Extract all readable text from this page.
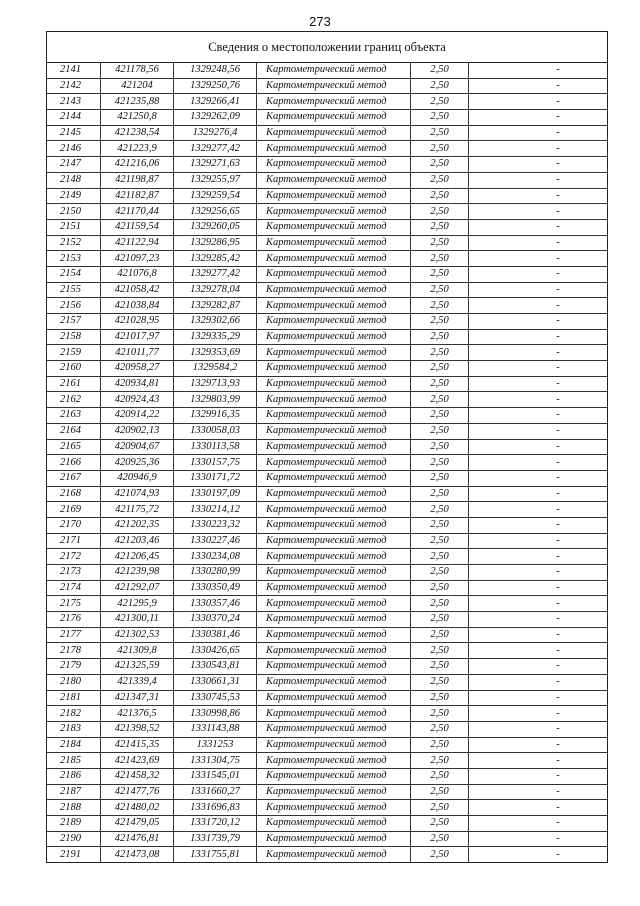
273
Сведения о местоположении границ объекта
2141	421178,56	1329248,56	Картометрический метод	2,50	-
2142	421204	1329250,76	Картометрический метод	2,50	-
2143	421235,88	1329266,41	Картометрический метод	2,50	-
2144	421250,8	1329262,09	Картометрический метод	2,50	-
2145	421238,54	1329276,4	Картометрический метод	2,50	-
2146	421223,9	1329277,42	Картометрический метод	2,50	-
2147	421216,06	1329271,63	Картометрический метод	2,50	-
2148	421198,87	1329255,97	Картометрический метод	2,50	-
2149	421182,87	1329259,54	Картометрический метод	2,50	-
2150	421170,44	1329256,65	Картометрический метод	2,50	-
2151	421159,54	1329260,05	Картометрический метод	2,50	-
2152	421122,94	1329286,95	Картометрический метод	2,50	-
2153	421097,23	1329285,42	Картометрический метод	2,50	-
2154	421076,8	1329277,42	Картометрический метод	2,50	-
2155	421058,42	1329278,04	Картометрический метод	2,50	-
2156	421038,84	1329282,87	Картометрический метод	2,50	-
2157	421028,95	1329302,66	Картометрический метод	2,50	-
2158	421017,97	1329335,29	Картометрический метод	2,50	-
2159	421011,77	1329353,69	Картометрический метод	2,50	-
2160	420958,27	1329584,2	Картометрический метод	2,50	-
2161	420934,81	1329713,93	Картометрический метод	2,50	-
2162	420924,43	1329803,99	Картометрический метод	2,50	-
2163	420914,22	1329916,35	Картометрический метод	2,50	-
2164	420902,13	1330058,03	Картометрический метод	2,50	-
2165	420904,67	1330113,58	Картометрический метод	2,50	-
2166	420925,36	1330157,75	Картометрический метод	2,50	-
2167	420946,9	1330171,72	Картометрический метод	2,50	-
2168	421074,93	1330197,09	Картометрический метод	2,50	-
2169	421175,72	1330214,12	Картометрический метод	2,50	-
2170	421202,35	1330223,32	Картометрический метод	2,50	-
2171	421203,46	1330227,46	Картометрический метод	2,50	-
2172	421206,45	1330234,08	Картометрический метод	2,50	-
2173	421239,98	1330280,99	Картометрический метод	2,50	-
2174	421292,07	1330350,49	Картометрический метод	2,50	-
2175	421295,9	1330357,46	Картометрический метод	2,50	-
2176	421300,11	1330370,24	Картометрический метод	2,50	-
2177	421302,53	1330381,46	Картометрический метод	2,50	-
2178	421309,8	1330426,65	Картометрический метод	2,50	-
2179	421325,59	1330543,81	Картометрический метод	2,50	-
2180	421339,4	1330661,31	Картометрический метод	2,50	-
2181	421347,31	1330745,53	Картометрический метод	2,50	-
2182	421376,5	1330998,86	Картометрический метод	2,50	-
2183	421398,52	1331143,88	Картометрический метод	2,50	-
2184	421415,35	1331253	Картометрический метод	2,50	-
2185	421423,69	1331304,75	Картометрический метод	2,50	-
2186	421458,32	1331545,01	Картометрический метод	2,50	-
2187	421477,76	1331660,27	Картометрический метод	2,50	-
2188	421480,02	1331696,83	Картометрический метод	2,50	-
2189	421479,05	1331720,12	Картометрический метод	2,50	-
2190	421476,81	1331739,79	Картометрический метод	2,50	-
2191	421473,08	1331755,81	Картометрический метод	2,50	-
